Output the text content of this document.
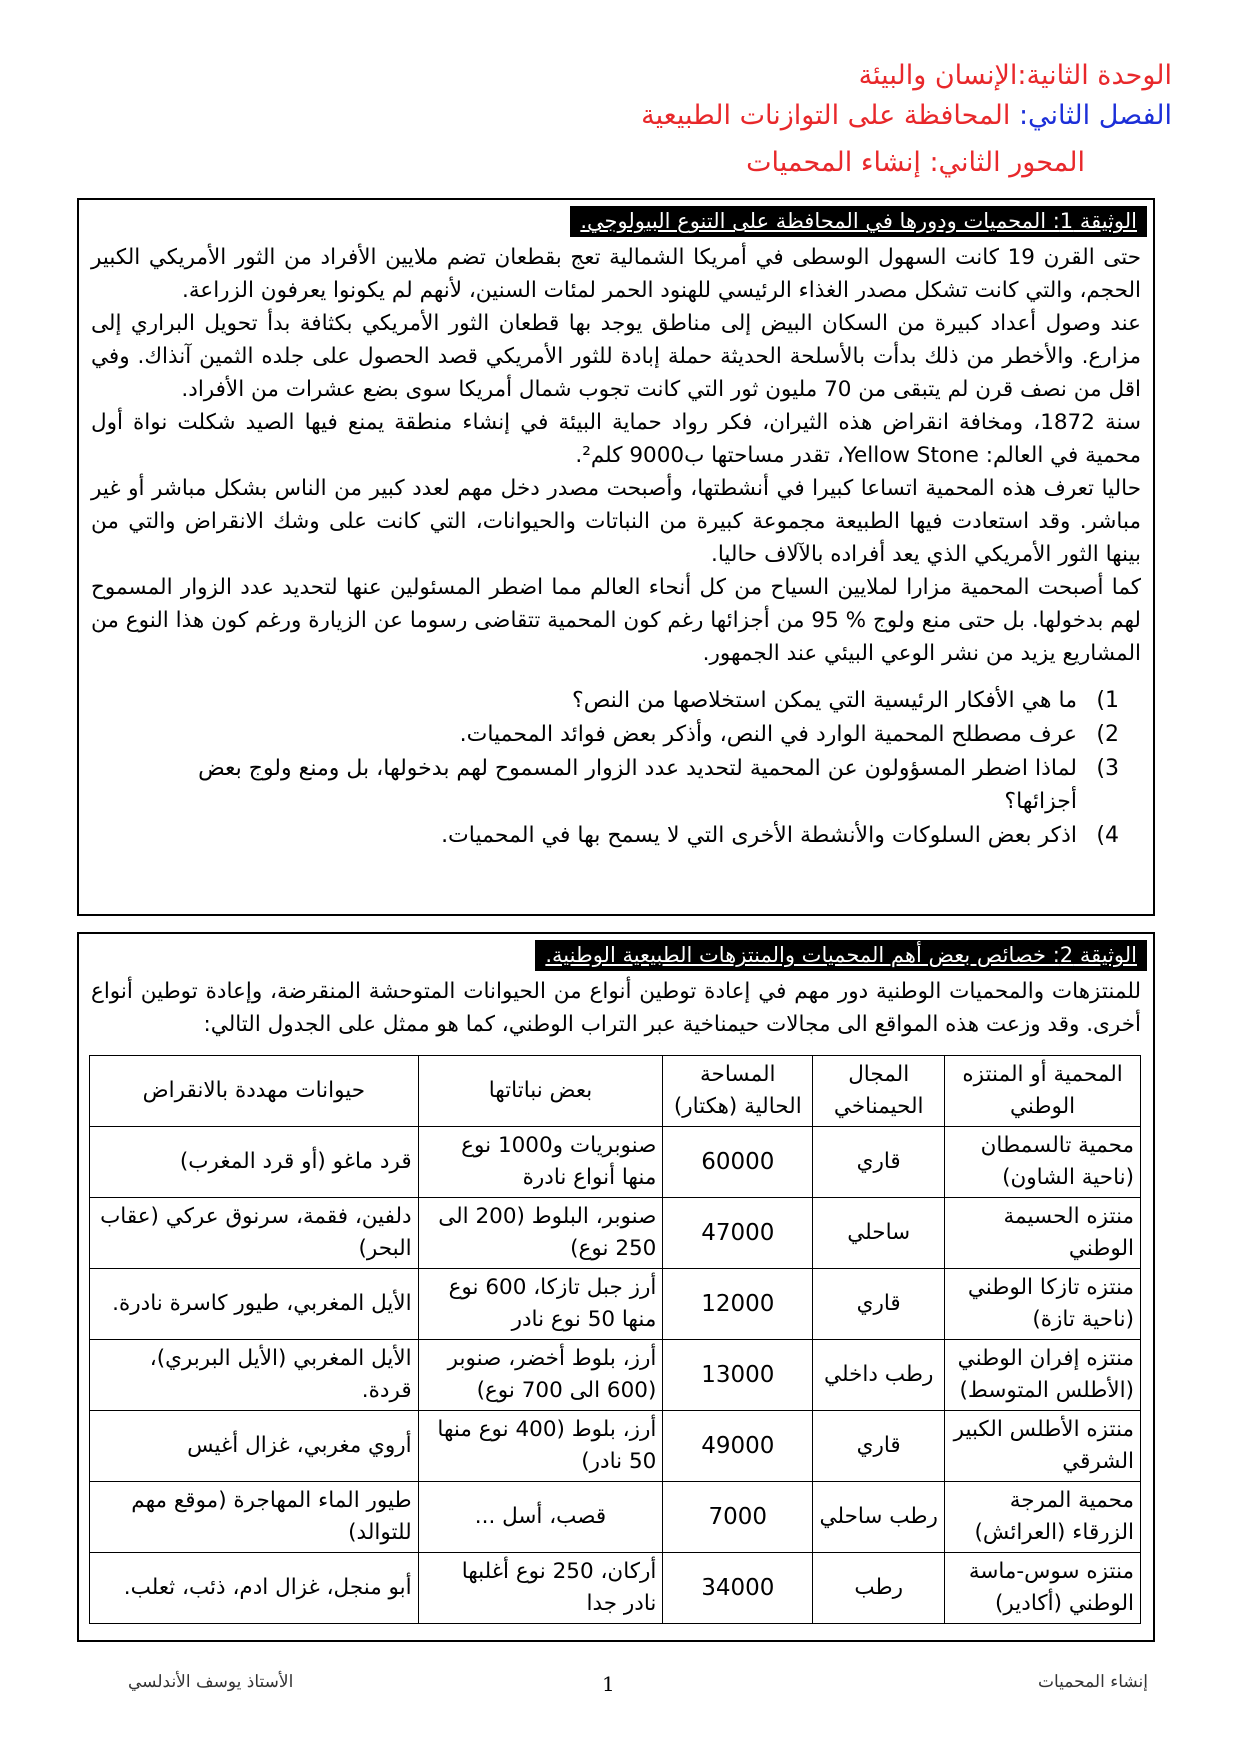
الوحدة الثانية:الإنسان والبيئة
الفصل الثاني: المحافظة على التوازنات الطبيعية
المحور الثاني: إنشاء المحميات
الوثيقة 1: المحميات ودورها في المحافظة على التنوع البيولوجي.

حتى القرن 19 كانت السهول الوسطى في أمريكا الشمالية تعج بقطعان تضم ملايين الأفراد من الثور الأمريكي الكبير الحجم، والتي كانت تشكل مصدر الغذاء الرئيسي للهنود الحمر لمئات السنين، لأنهم لم يكونوا يعرفون الزراعة.

عند وصول أعداد كبيرة من السكان البيض إلى مناطق يوجد بها قطعان الثور الأمريكي بكثافة بدأ تحويل البراري إلى مزارع. والأخطر من ذلك بدأت بالأسلحة الحديثة حملة إبادة للثور الأمريكي قصد الحصول على جلده الثمين آنذاك. وفي اقل من نصف قرن لم يتبقى من 70 مليون ثور التي كانت تجوب شمال أمريكا سوى بضع عشرات من الأفراد.

سنة 1872، ومخافة انقراض هذه الثيران، فكر رواد حماية البيئة في إنشاء منطقة يمنع فيها الصيد شكلت نواة أول محمية في العالم: Yellow Stone، تقدر مساحتها ب9000 كلم².

حاليا تعرف هذه المحمية اتساعا كبيرا في أنشطتها، وأصبحت مصدر دخل مهم لعدد كبير من الناس بشكل مباشر أو غير مباشر. وقد استعادت فيها الطبيعة مجموعة كبيرة من النباتات والحيوانات، التي كانت على وشك الانقراض والتي من بينها الثور الأمريكي الذي يعد أفراده بالآلاف حاليا.

كما أصبحت المحمية مزارا لملايين السياح من كل أنحاء العالم مما اضطر المسئولين عنها لتحديد عدد الزوار المسموح لهم بدخولها. بل حتى منع ولوج % 95 من أجزائها رغم كون المحمية تتقاضى رسوما عن الزيارة ورغم كون هذا النوع من المشاريع يزيد من نشر الوعي البيئي عند الجمهور.

1)
ما هي الأفكار الرئيسية التي يمكن استخلاصها من النص؟
2)
عرف مصطلح المحمية الوارد في النص، وأذكر بعض فوائد المحميات.
3)
لماذا اضطر المسؤولون عن المحمية لتحديد عدد الزوار المسموح لهم بدخولها، بل ومنع ولوج بعض أجزائها؟
4)
اذكر بعض السلوكات والأنشطة الأخرى التي لا يسمح بها في المحميات.
الوثيقة 2: خصائص بعض أهم المحميات والمنتزهات الطبيعية الوطنية.

للمنتزهات والمحميات الوطنية دور مهم في إعادة توطين أنواع من الحيوانات المتوحشة المنقرضة، وإعادة توطين أنواع أخرى. وقد وزعت هذه المواقع الى مجالات حيمناخية عبر التراب الوطني، كما هو ممثل على الجدول التالي:

المحمية أو المنتزه الوطني	المجال الحيمناخي	المساحة الحالية (هكتار)	بعض نباتاتها	حيوانات مهددة بالانقراض
محمية تالسمطان (ناحية الشاون)	قاري	60000	صنوبريات و1000 نوع منها أنواع نادرة	قرد ماغو (أو قرد المغرب)
منتزه الحسيمة الوطني	ساحلي	47000	صنوبر، البلوط (200 الى 250 نوع)	دلفين، فقمة، سرنوق عركي (عقاب البحر)
منتزه تازكا الوطني (ناحية تازة)	قاري	12000	أرز جبل تازكا، 600 نوع منها 50 نوع نادر	الأيل المغربي، طيور كاسرة نادرة.
منتزه إفران الوطني (الأطلس المتوسط)	رطب داخلي	13000	أرز، بلوط أخضر، صنوبر (600 الى 700 نوع)	الأيل المغربي (الأيل البربري)، قردة.
منتزه الأطلس الكبير الشرقي	قاري	49000	أرز، بلوط (400 نوع منها 50 نادر)	أروي مغربي، غزال أغيس
محمية المرجة الزرقاء (العرائش)	رطب ساحلي	7000	قصب، أسل ...	طيور الماء المهاجرة (موقع مهم للتوالد)
منتزه سوس-ماسة الوطني (أكادير)	رطب	34000	أركان، 250 نوع أغلبها نادر جدا	أبو منجل، غزال ادم، ذئب، ثعلب.
إنشاء المحميات
1
الأستاذ يوسف الأندلسي
